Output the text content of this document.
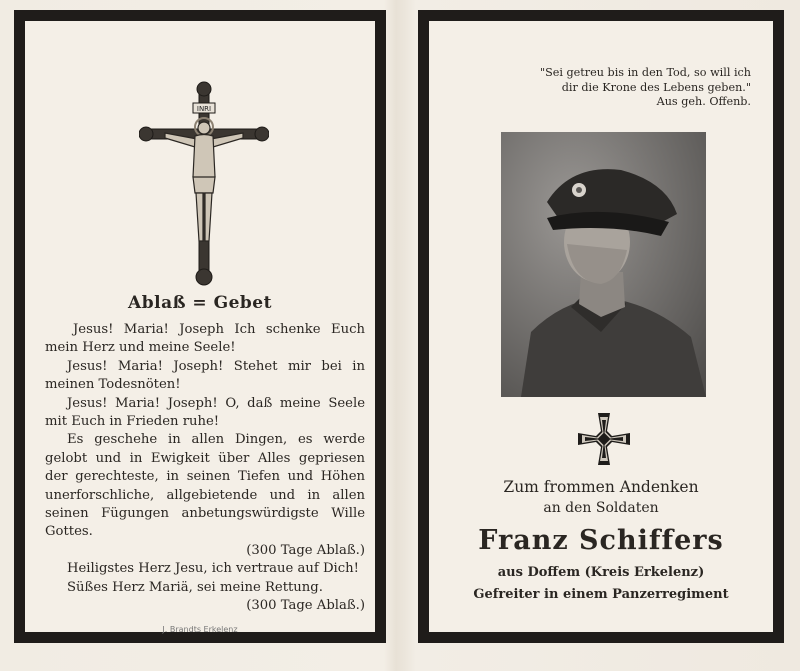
INRI
Ablaß = Gebet

Jesus! Maria! Joseph Ich schenke Euch mein Herz und meine Seele!

Jesus! Maria! Joseph! Stehet mir bei in meinen Todesnöten!

Jesus! Maria! Joseph! O, daß meine Seele mit Euch in Frieden ruhe!

Es geschehe in allen Dingen, es werde gelobt und in Ewigkeit über Alles gepriesen der gerechteste, in seinen Tiefen und Höhen unerforschliche, allgebietende und in allen seinen Fügungen anbetungswürdigste Wille Gottes.

(300 Tage Ablaß.)

Heiligstes Herz Jesu, ich vertraue auf Dich!

Süßes Herz Mariä, sei meine Rettung.

(300 Tage Ablaß.)

J. Brandts Erkelenz
"Sei getreu bis in den Tod, so will ich
dir die Krone des Lebens geben."
Aus geh. Offenb.
Zum frommen Andenken
an den Soldaten
Franz Schiffers
aus Doffem (Kreis Erkelenz)
Gefreiter in einem Panzerregiment
